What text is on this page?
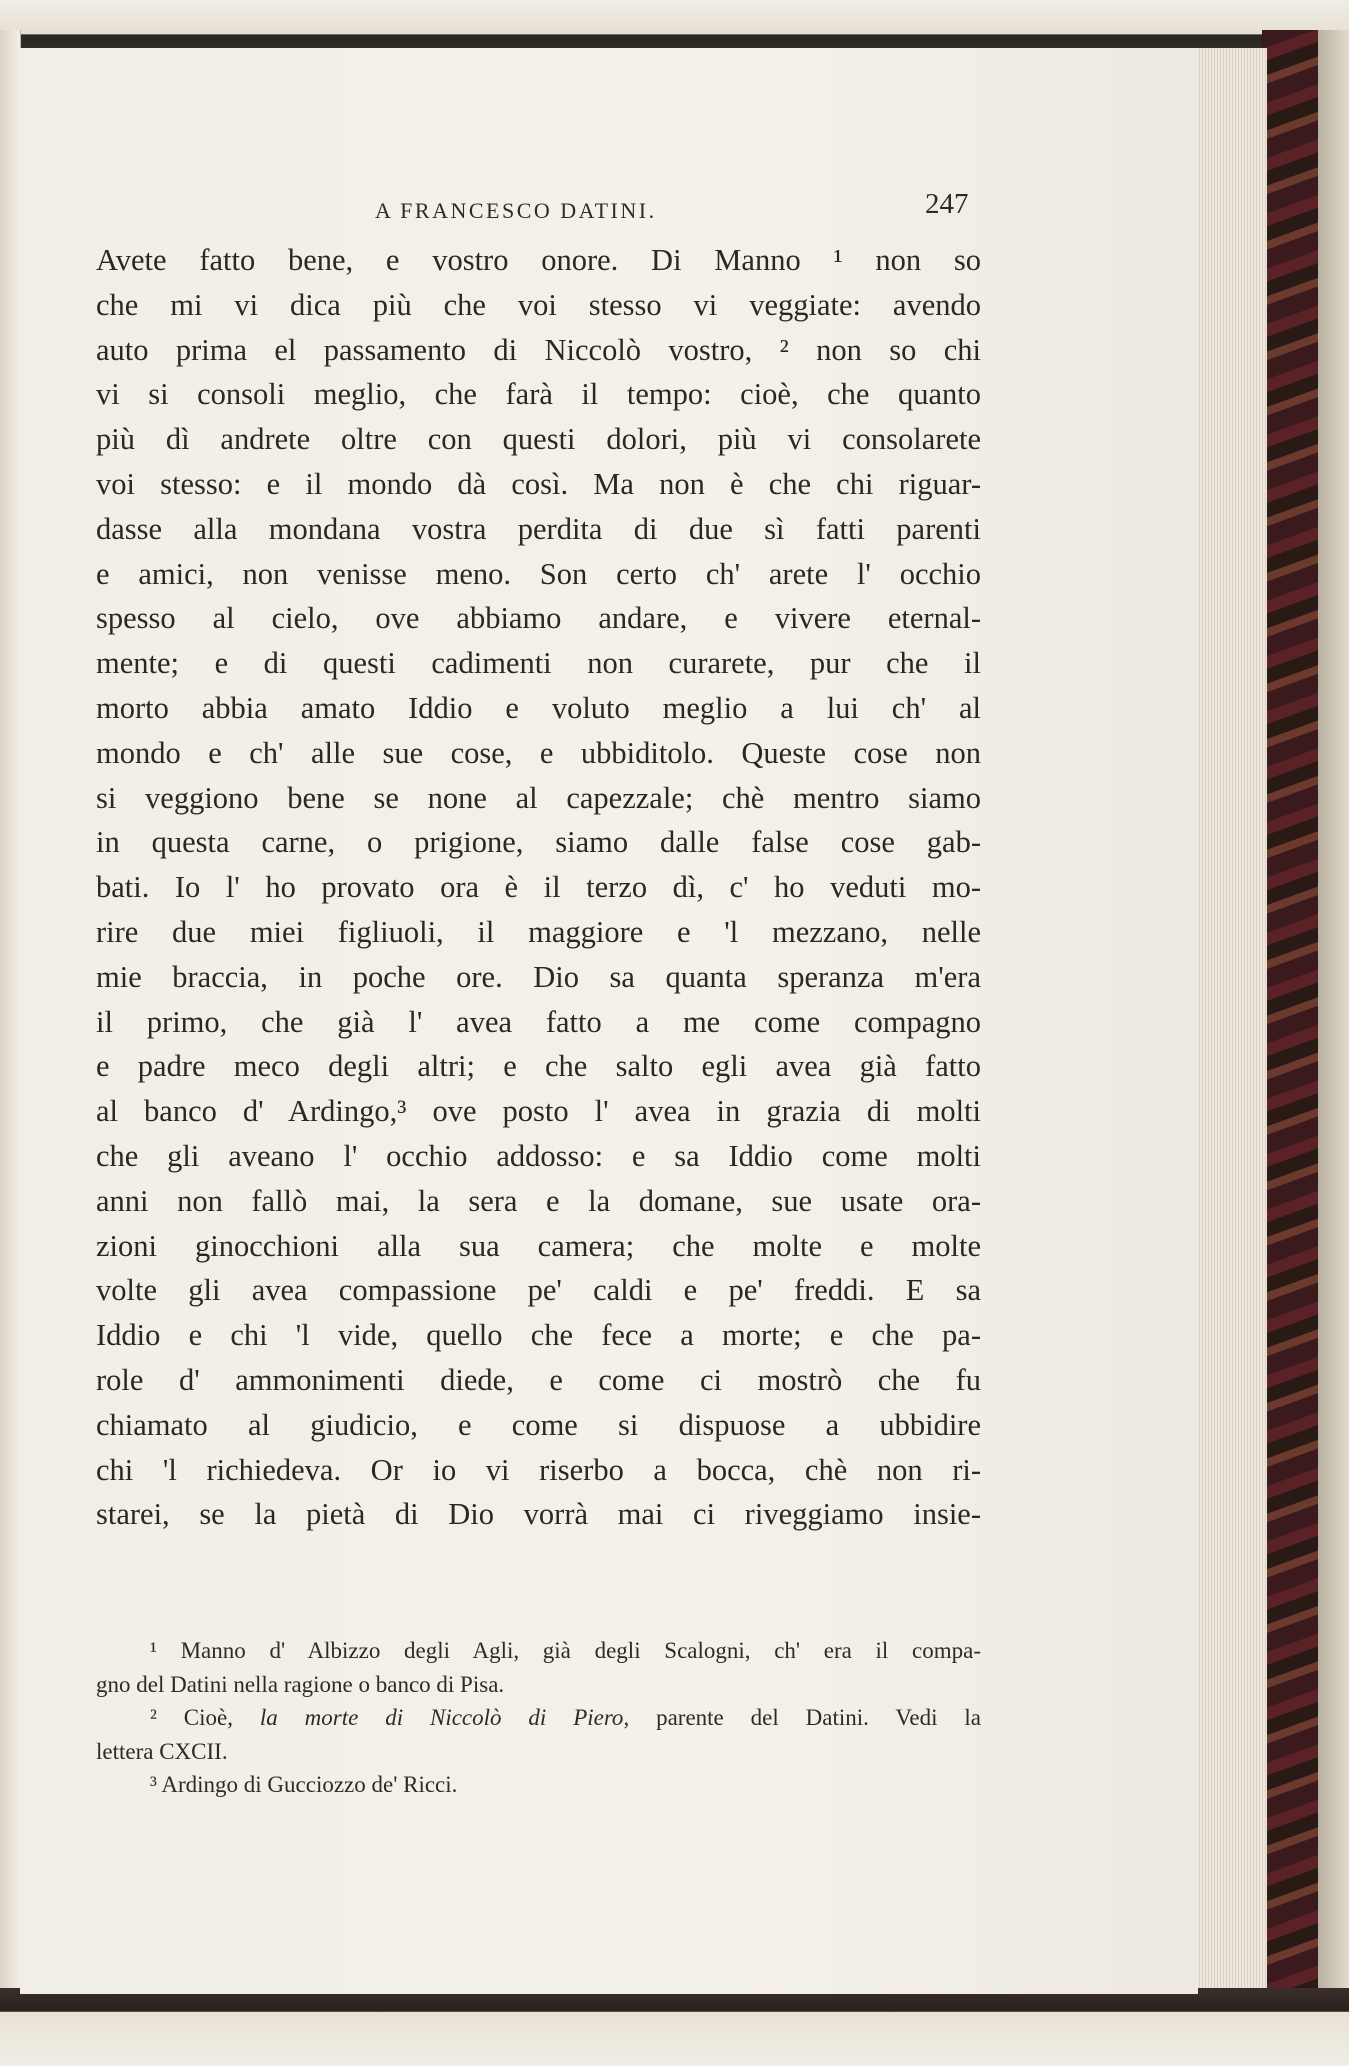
A FRANCESCO DATINI.	247
Avete fatto bene, e vostro onore. Di Manno ¹ non so
che mi vi dica più che voi stesso vi veggiate: avendo
auto prima el passamento di Niccolò vostro, ² non so chi
vi si consoli meglio, che farà il tempo: cioè, che quanto
più dì andrete oltre con questi dolori, più vi consolarete
voi stesso: e il mondo dà così. Ma non è che chi riguar-
dasse alla mondana vostra perdita di due sì fatti parenti
e amici, non venisse meno. Son certo ch' arete l' occhio
spesso al cielo, ove abbiamo andare, e vivere eternal-
mente; e di questi cadimenti non curarete, pur che il
morto abbia amato Iddio e voluto meglio a lui ch' al
mondo e ch' alle sue cose, e ubbiditolo. Queste cose non
si veggiono bene se none al capezzale; chè mentro siamo
in questa carne, o prigione, siamo dalle false cose gab-
bati. Io l' ho provato ora è il terzo dì, c' ho veduti mo-
rire due miei figliuoli, il maggiore e 'l mezzano, nelle
mie braccia, in poche ore. Dio sa quanta speranza m'era
il primo, che già l' avea fatto a me come compagno
e padre meco degli altri; e che salto egli avea già fatto
al banco d' Ardingo,³ ove posto l' avea in grazia di molti
che gli aveano l' occhio addosso: e sa Iddio come molti
anni non fallò mai, la sera e la domane, sue usate ora-
zioni ginocchioni alla sua camera; che molte e molte
volte gli avea compassione pe' caldi e pe' freddi. E sa
Iddio e chi 'l vide, quello che fece a morte; e che pa-
role d' ammonimenti diede, e come ci mostrò che fu
chiamato al giudicio, e come si dispuose a ubbidire
chi 'l richiedeva. Or io vi riserbo a bocca, chè non ri-
starei, se la pietà di Dio vorrà mai ci riveggiamo insie-
¹ Manno d' Albizzo degli Agli, già degli Scalogni, ch' era il compa-
gno del Datini nella ragione o banco di Pisa.
² Cioè, la morte di Niccolò di Piero, parente del Datini. Vedi la
lettera CXCII.
³ Ardingo di Gucciozzo de' Ricci.
